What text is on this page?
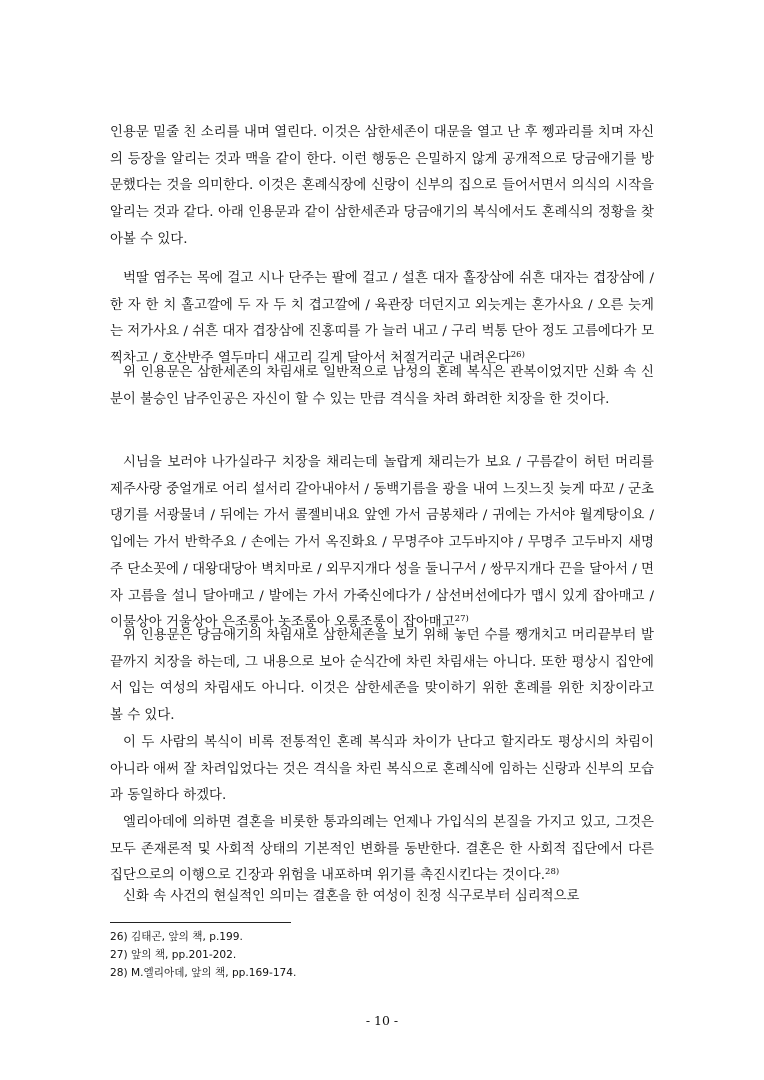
인용문 밑줄 친 소리를 내며 열린다. 이것은 삼한세존이 대문을 열고 난 후 쩽과리를 치며 자신의 등장을 알리는 것과 맥을 같이 한다. 이런 행동은 은밀하지 않게 공개적으로 당금애기를 방문했다는 것을 의미한다. 이것은 혼례식장에 신랑이 신부의 집으로 들어서면서 의식의 시작을 알리는 것과 같다. 아래 인용문과 같이 삼한세존과 당금애기의 복식에서도 혼례식의 정황을 찾아볼 수 있다.

벅딸 염주는 목에 걸고 시나 단주는 팔에 걸고 / 설흔 대자 홀장삼에 쉬흔 대자는 겹장삼에 / 한 자 한 치 홀고깔에 두 자 두 치 겹고깔에 / 육관장 더던지고 외늣게는 혼가사요 / 오른 늣게는 저가사요 / 쉬흔 대자 겹장삼에 진홍띠를 가 늘러 내고 / 구리 벅통 단아 정도 고름에다가 모찍차고 / 호산반주 열두마디 새고리 길게 달아서 처절거리군 내려온다$^{26)}$
위 인용문은 삼한세존의 차림새로 일반적으로 남성의 혼례 복식은 관복이었지만 신화 속 신분이 불승인 남주인공은 자신이 할 수 있는 만큼 격식을 차려 화려한 치장을 한 것이다.
시님을 보러야 나가실라구 치장을 채리는데 놀랍게 채리는가 보요 / 구름같이 허턴 머리를 제주사랑 중얼개로 어리 설서리 갈아내야서 / 동백기름을 광을 내여 느짓느짓 늦게 따꼬 / 군초댕기를 서광물녀 / 뒤에는 가서 콜젤비내요 앞엔 가서 금봉채라 / 귀에는 가서야 월계탕이요 / 입에는 가서 반학주요 / 손에는 가서 옥진화요 / 무명주야 고두바지야 / 무명주 고두바지 새명주 단소꼿에 / 대왕대당아 벽치마로 / 외무지개다 성을 둘니구서 / 쌍무지개다 끈을 달아서 / 면자 고름을 설니 달아매고 / 발에는 가서 가죽신에다가 / 삼선버선에다가 맵시 있게 잡아매고 / 이물상아 거울상아 은조롱아 놋조롱아 오롱조롱이 잡아매고$^{27)}$
위 인용문은 당금애기의 차림새로 삼한세존을 보기 위해 놓던 수를 쨍개치고 머리끝부터 발끝까지 치장을 하는데, 그 내용으로 보아 순식간에 차린 차림새는 아니다. 또한 평상시 집안에서 입는 여성의 차림새도 아니다. 이것은 삼한세존을 맞이하기 위한 혼례를 위한 치장이라고 볼 수 있다.
이 두 사람의 복식이 비록 전통적인 혼례 복식과 차이가 난다고 할지라도 평상시의 차림이 아니라 애써 잘 차려입었다는 것은 격식을 차린 복식으로 혼례식에 임하는 신랑과 신부의 모습과 동일하다 하겠다.
엘리아데에 의하면 결혼을 비롯한 통과의례는 언제나 가입식의 본질을 가지고 있고, 그것은 모두 존재론적 및 사회적 상태의 기본적인 변화를 동반한다. 결혼은 한 사회적 집단에서 다른 집단으로의 이행으로 긴장과 위험을 내포하며 위기를 촉진시킨다는 것이다.$^{28)}$
신화 속 사건의 현실적인 의미는 결혼을 한 여성이 친정 식구로부터 심리적으로

26) 김태곤, 앞의 책, p.199.

27) 앞의 책, pp.201-202.

28) M.엘리아데, 앞의 책, pp.169-174.

- 10 -
